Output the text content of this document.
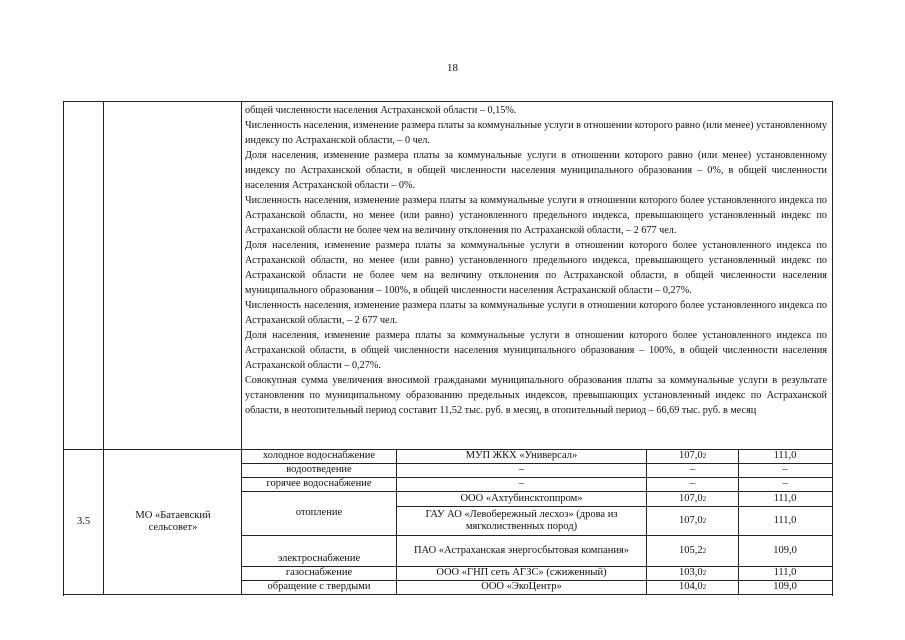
18

общей численности населения Астраханской области – 0,15%.

Численность населения, изменение размера платы за коммунальные услуги в отношении которого равно (или менее) установленному индексу по Астраханской области, – 0 чел.

Доля населения, изменение размера платы за коммунальные услуги в отношении которого равно (или менее) установленному индексу по Астраханской области, в общей численности населения муниципального образования – 0%, в общей численности населения Астраханской области – 0%.

Численность населения, изменение размера платы за коммунальные услуги в отношении которого более установленного индекса по Астраханской области, но менее (или равно) установленного предельного индекса, превышающего установленный индекс по Астраханской области не более чем на величину отклонения по Астраханской области, – 2 677 чел.

Доля населения, изменение размера платы за коммунальные услуги в отношении которого более установленного индекса по Астраханской области, но менее (или равно) установленного предельного индекса, превышающего установленный индекс по Астраханской области не более чем на величину отклонения по Астраханской области, в общей численности населения муниципального образования – 100%, в общей численности населения Астраханской области – 0,27%.

Численность населения, изменение размера платы за коммунальные услуги в отношении которого более установленного индекса по Астраханской области, – 2 677 чел.

Доля населения, изменение размера платы за коммунальные услуги в отношении которого более установленного индекса по Астраханской области, в общей численности населения муниципального образования – 100%, в общей численности населения Астраханской области – 0,27%.

Совокупная сумма увеличения вносимой гражданами муниципального образования платы за коммунальные услуги в результате установления по муниципальному образованию предельных индексов, превышающих установленный индекс по Астраханской области, в неотопительный период составит 11,52 тыс. руб. в месяц, в отопительный период – 66,69 тыс. руб. в месяц

3.5
МО «Батаевский сельсовет»
холодное водоснабжение
водоотведение
горячее водоснабжение
отопление
электроснабжение
газоснабжение
обращение с твердыми
МУП ЖКХ «Универсал»
–
–
ООО «Ахтубинсктоппром»
ГАУ АО «Левобережный лесхоз» (дрова из мягколиственных пород)
ПАО «Астраханская энергосбытовая компания»
ООО «ГНП сеть АГЗС» (сжиженный)
ООО «ЭкоЦентр»
107,0 2
–
–
107,0 2
107,0 2
105,2 2
103,0 2
104,0 2
111,0
–
–
111,0
111,0
109,0
111,0
109,0
